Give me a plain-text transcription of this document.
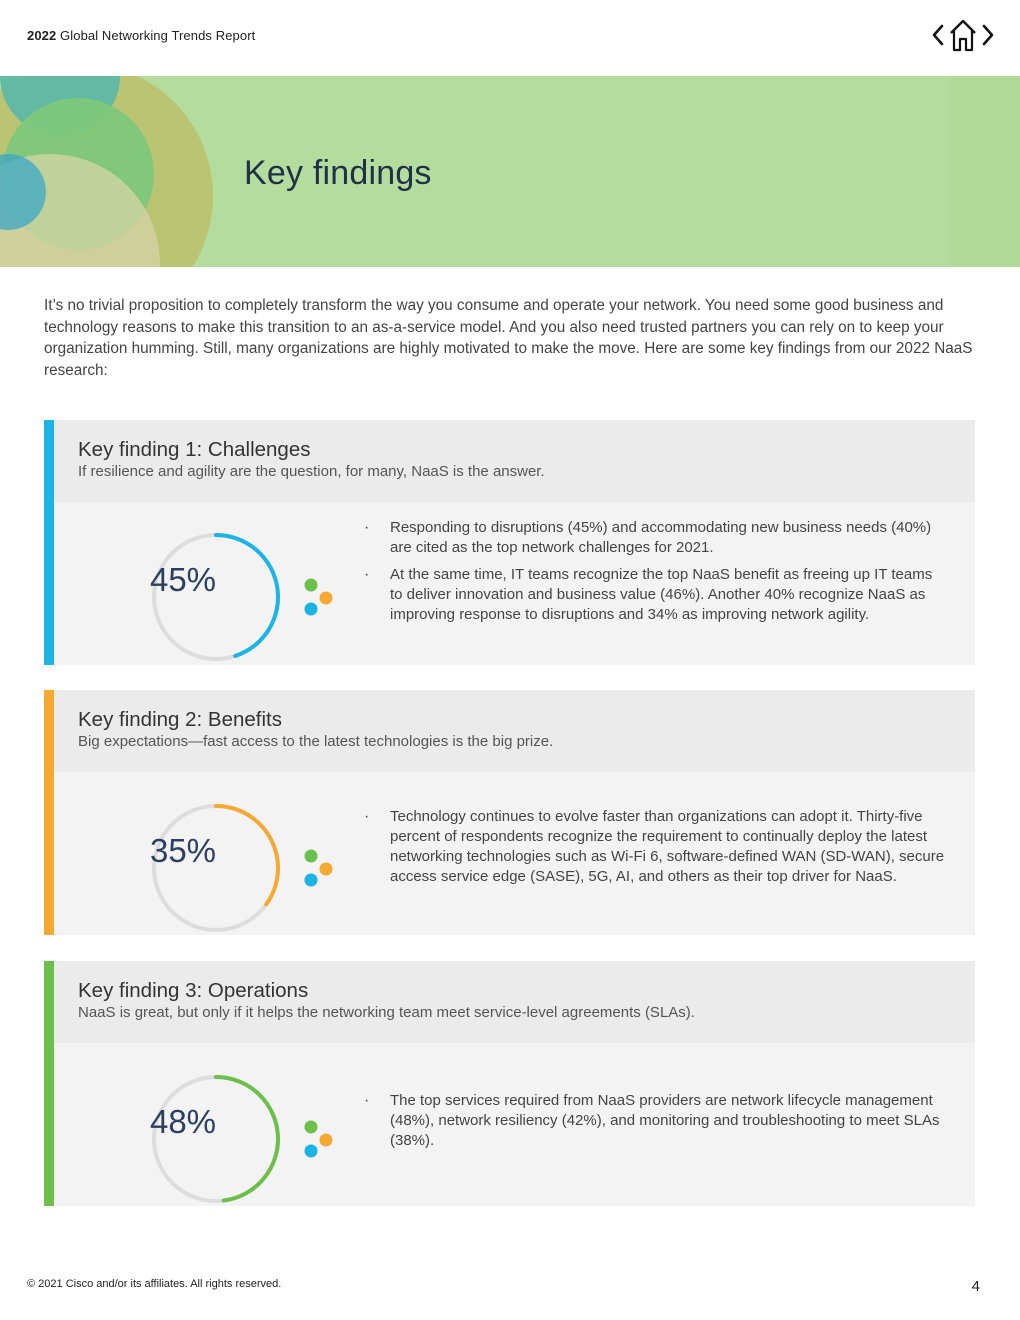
2022 Global Networking Trends Report
Key findings

It’s no trivial proposition to completely transform the way you consume and operate your network. You need some good business and technology reasons to make this transition to an as-a-service model. And you also need trusted partners you can rely on to keep your organization humming. Still, many organizations are highly motivated to make the move. Here are some key findings from our 2022 NaaS research:

Key finding 1: Challenges
If resilience and agility are the question, for many, NaaS is the answer.
45%
· Responding to disruptions (45%) and accommodating new business needs (40%) are cited as the top network challenges for 2021.
· At the same time, IT teams recognize the top NaaS benefit as freeing up IT teams to deliver innovation and business value (46%). Another 40% recognize NaaS as improving response to disruptions and 34% as improving network agility.
Key finding 2: Benefits
Big expectations—fast access to the latest technologies is the big prize.
35%
· Technology continues to evolve faster than organizations can adopt it. Thirty-five percent of respondents recognize the requirement to continually deploy the latest networking technologies such as Wi-Fi 6, software-defined WAN (SD-WAN), secure access service edge (SASE), 5G, AI, and others as their top driver for NaaS.
Key finding 3: Operations
NaaS is great, but only if it helps the networking team meet service-level agreements (SLAs).
48%
· The top services required from NaaS providers are network lifecycle management (48%), network resiliency (42%), and monitoring and troubleshooting to meet SLAs (38%).
© 2021 Cisco and/or its affiliates. All rights reserved.	4
